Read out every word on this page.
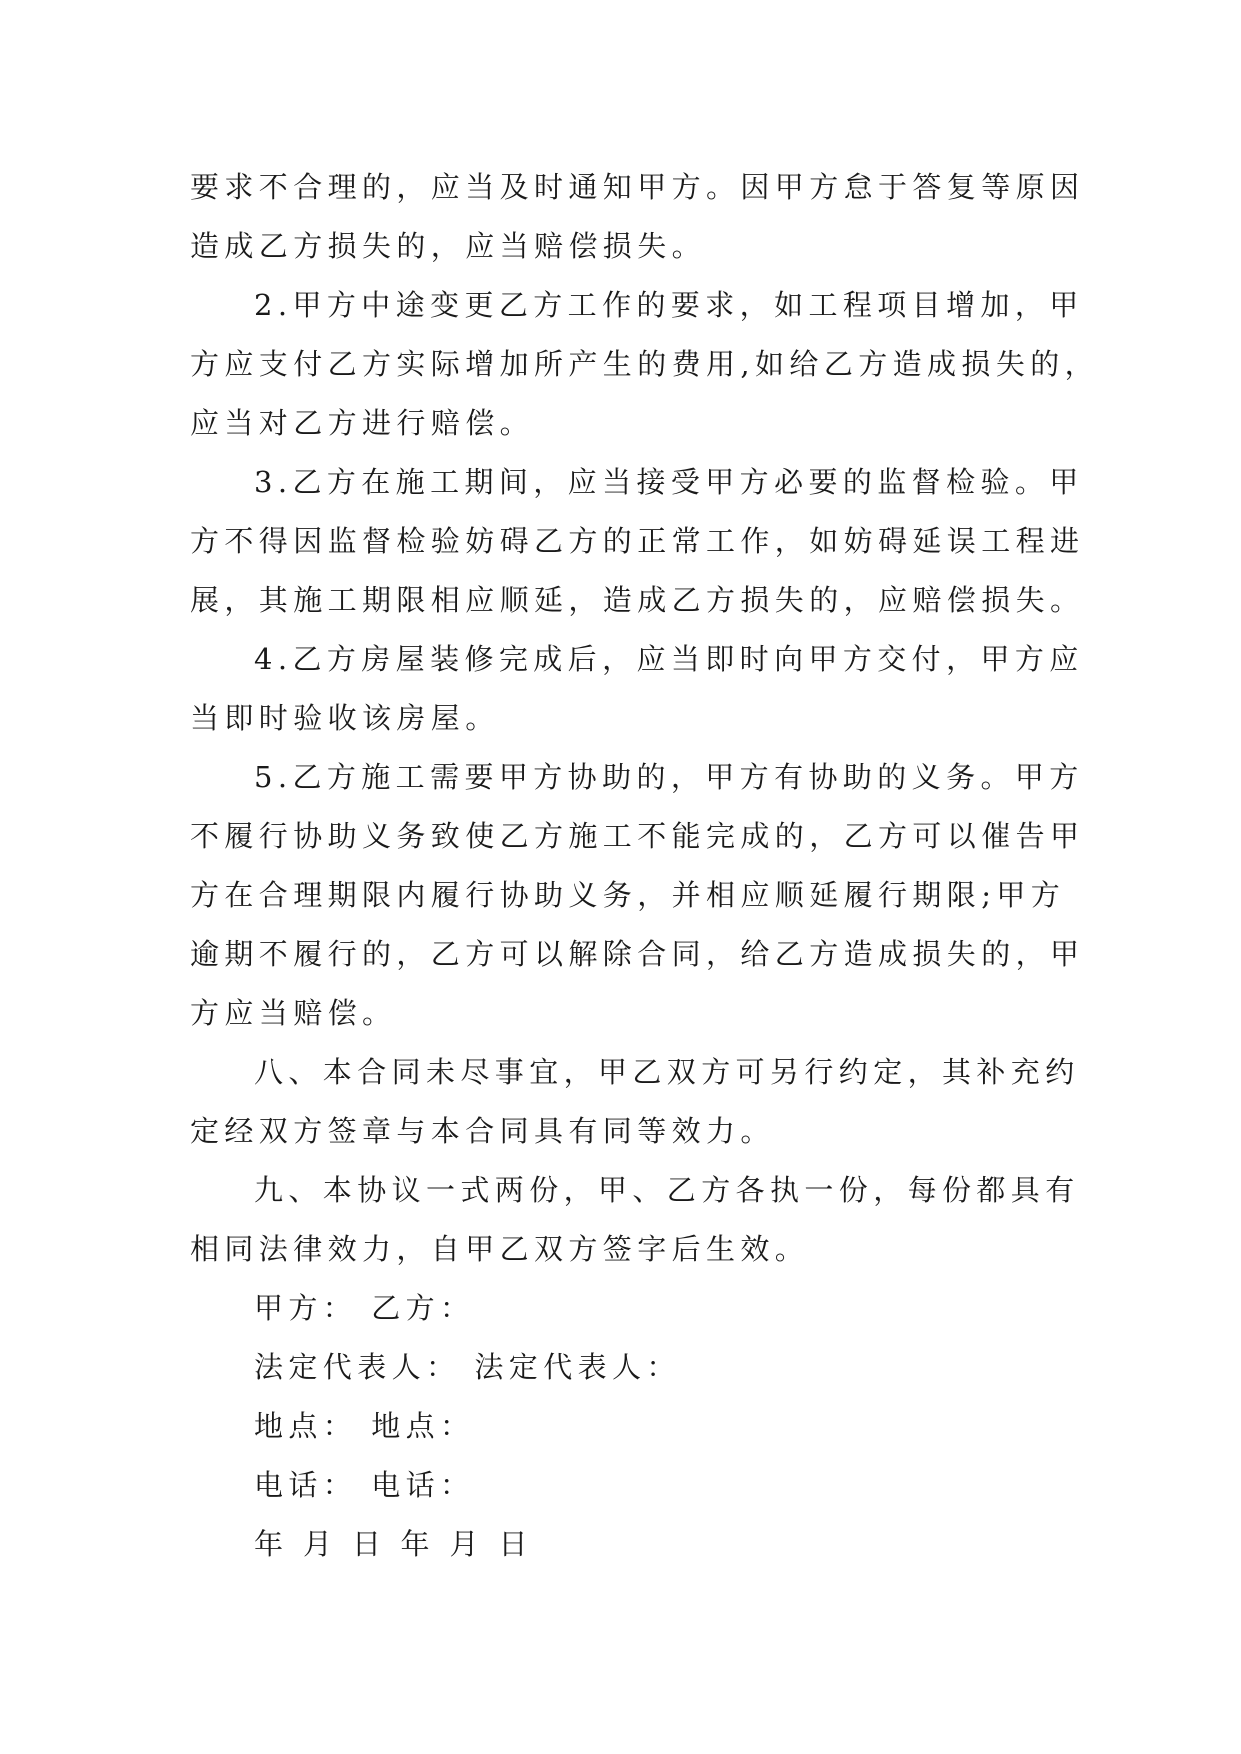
要求不合理的，应当及时通知甲方。因甲方怠于答复等原因
造成乙方损失的，应当赔偿损失。
2.甲方中途变更乙方工作的要求，如工程项目增加，甲
方应支付乙方实际增加所产生的费用,如给乙方造成损失的，
应当对乙方进行赔偿。
3.乙方在施工期间，应当接受甲方必要的监督检验。甲
方不得因监督检验妨碍乙方的正常工作，如妨碍延误工程进
展，其施工期限相应顺延，造成乙方损失的，应赔偿损失。
4.乙方房屋装修完成后，应当即时向甲方交付，甲方应
当即时验收该房屋。
5.乙方施工需要甲方协助的，甲方有协助的义务。甲方
不履行协助义务致使乙方施工不能完成的，乙方可以催告甲
方在合理期限内履行协助义务，并相应顺延履行期限;甲方
逾期不履行的，乙方可以解除合同，给乙方造成损失的，甲
方应当赔偿。
八、本合同未尽事宜，甲乙双方可另行约定，其补充约
定经双方签章与本合同具有同等效力。
九、本协议一式两份，甲、乙方各执一份，每份都具有
相同法律效力，自甲乙双方签字后生效。
甲方： 乙方：
法定代表人： 法定代表人：
地点： 地点：
电话： 电话：
年 月 日 年 月 日
